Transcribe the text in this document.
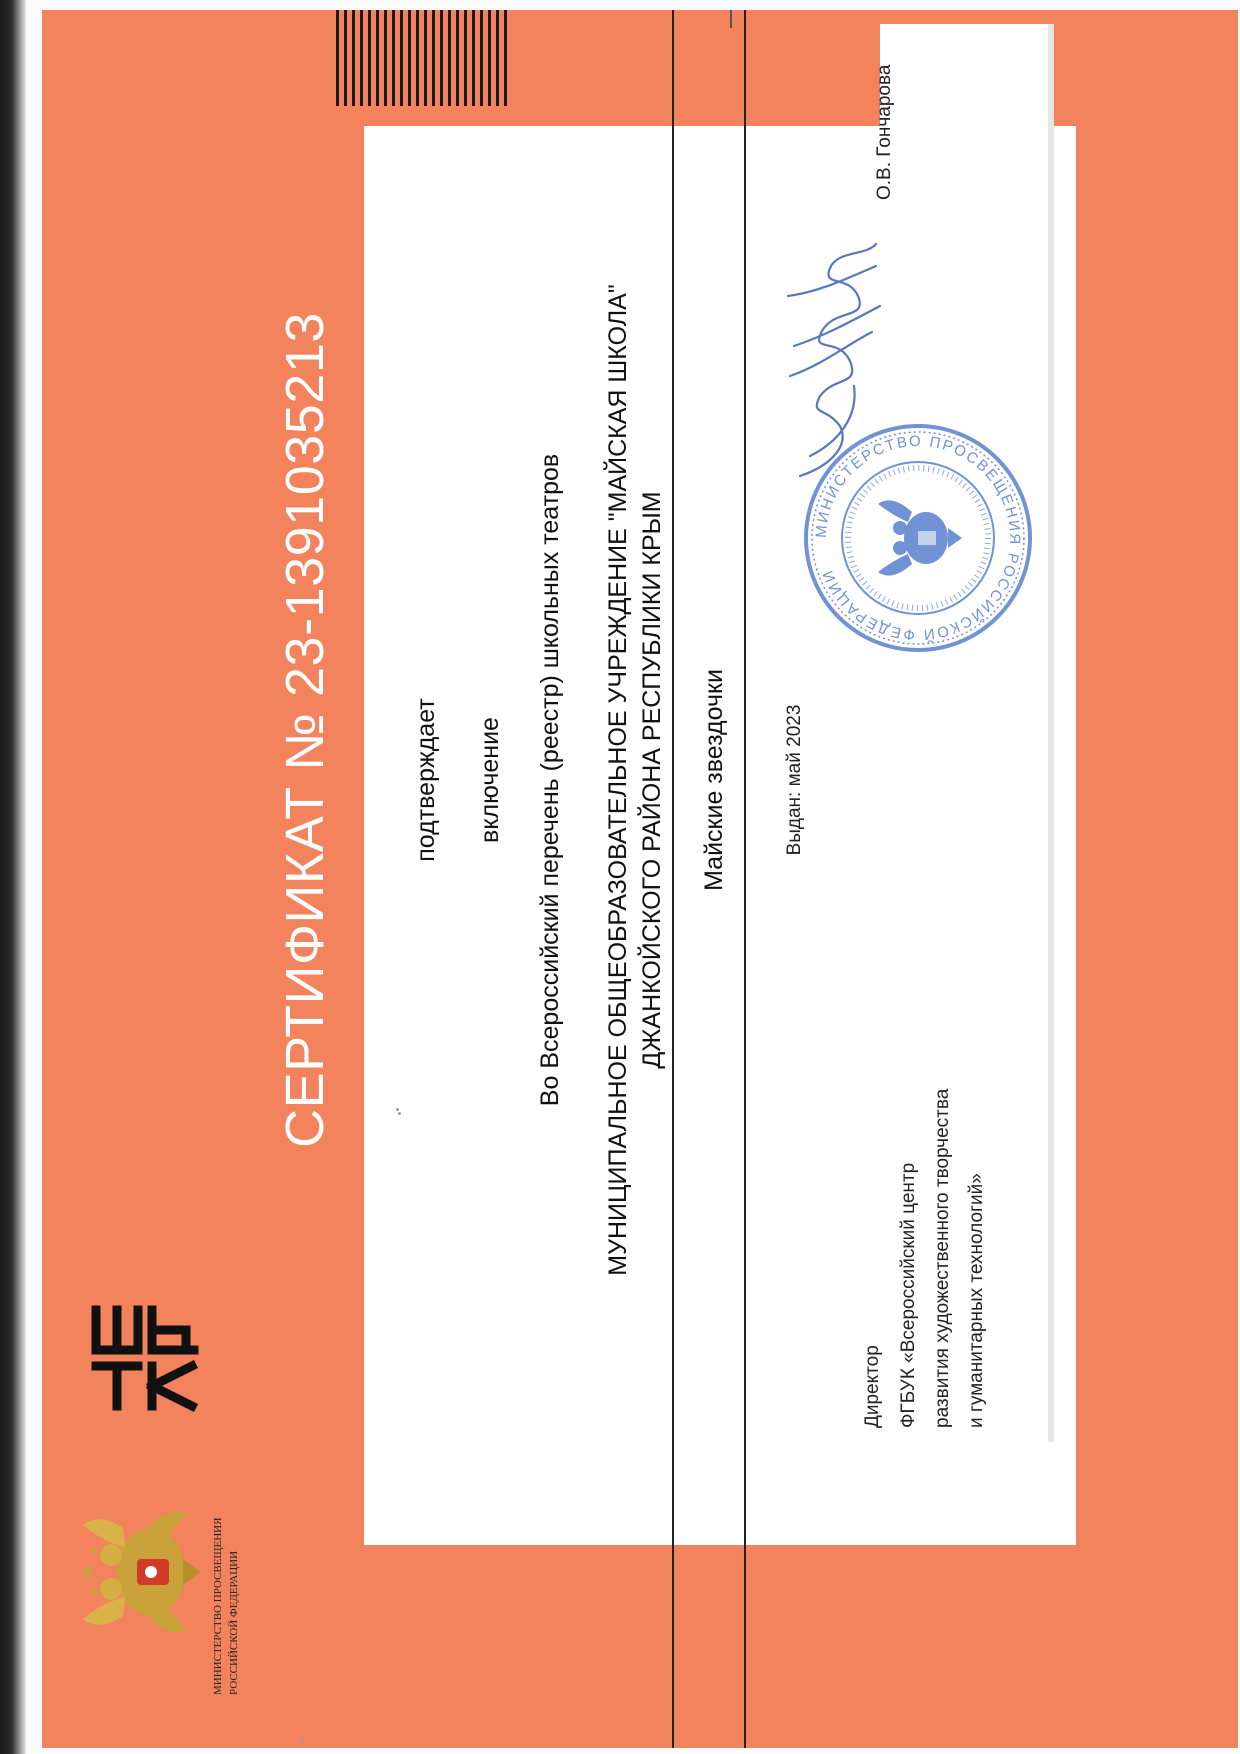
МИНИСТЕРСТВО ПРОСВЕЩЕНИЯ РОССИЙСКОЙ ФЕДЕРАЦИИ
СЕРТИФИКАТ № 23-1391035213	подтверждает включение Во Всероссийский перечень (реестр) школьных театров МУНИЦИПАЛЬНОЕ ОБЩЕОБРАЗОВАТЕЛЬНОЕ УЧРЕЖДЕНИЕ "МАЙСКАЯ ШКОЛА" ДЖАНКОЙСКОГО РАЙОНА РЕСПУБЛИКИ КРЫМ Майские звездочки	Выдан: май 2023
Директор ФГБУК «Всероссийский центр развития художественного творчества и гуманитарных технологий»
О.В. Гончарова
МИНИСТЕРСТВО ПРОСВЕЩЕНИЯ РОССИЙСКОЙ ФЕДЕРАЦИИ
